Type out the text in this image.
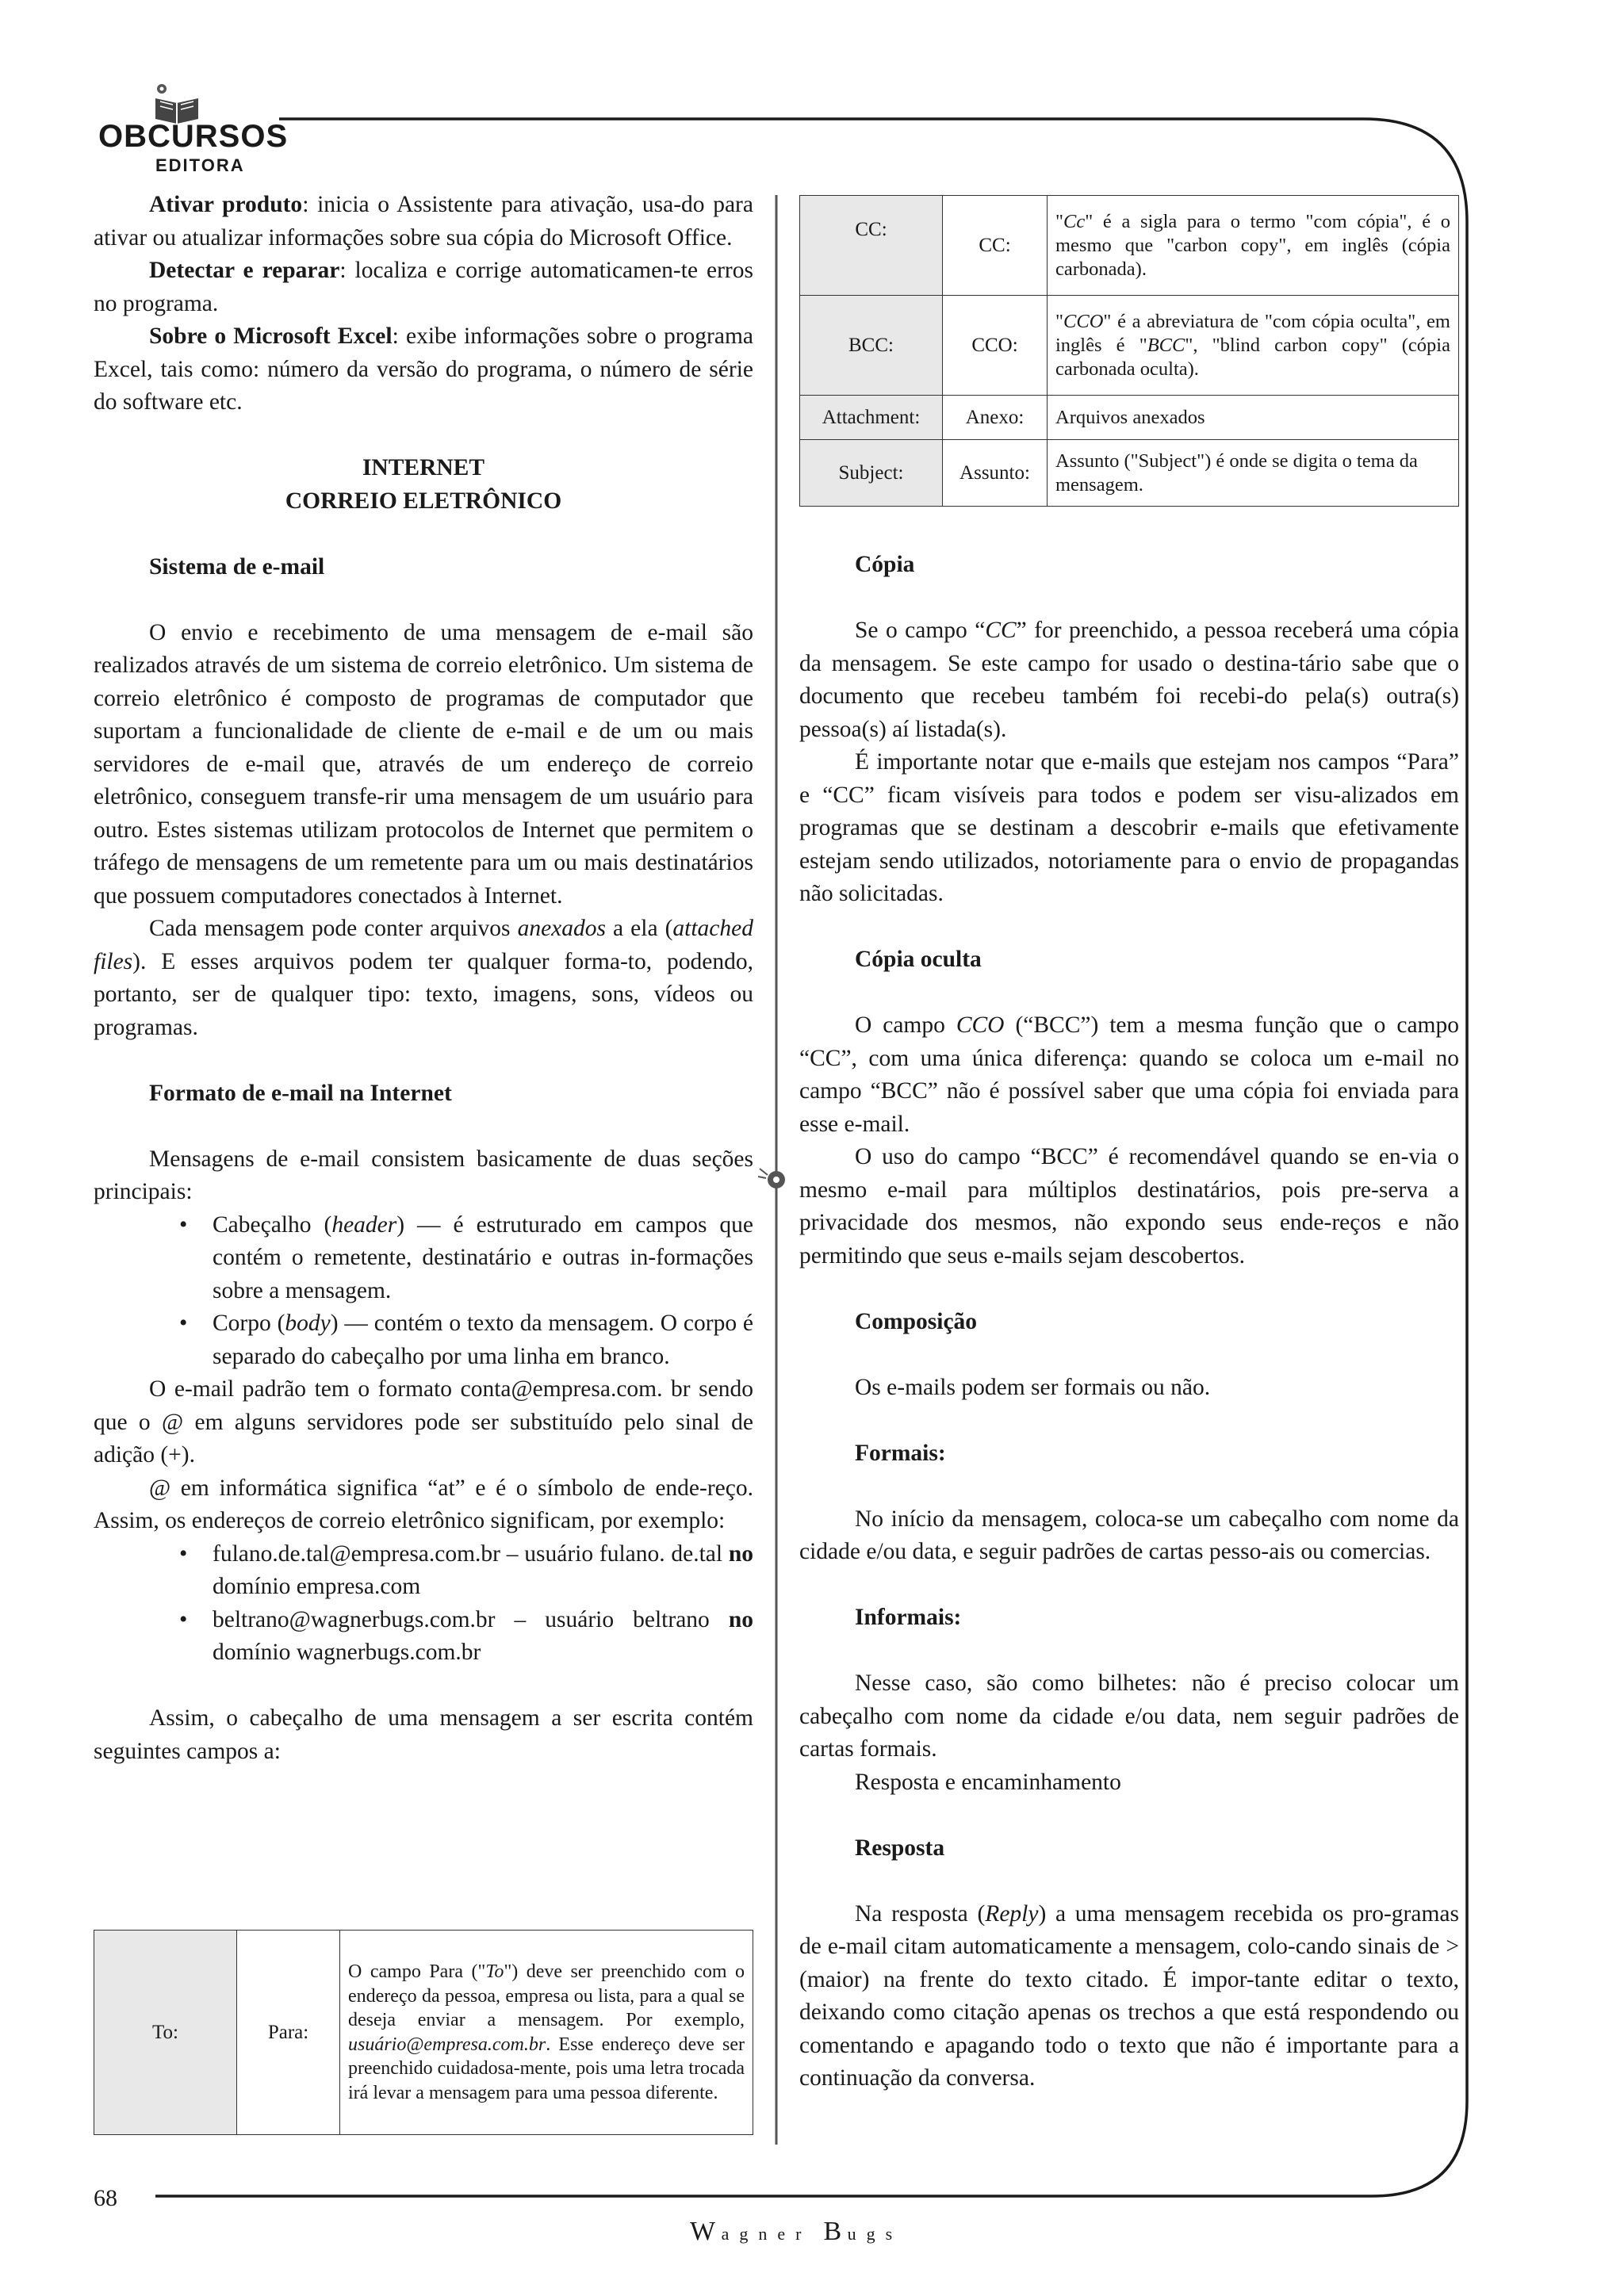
OBCURSOS
EDITORA

Ativar produto: inicia o Assistente para ativação, usa-do para ativar ou atualizar informações sobre sua cópia do Microsoft Office.

Detectar e reparar: localiza e corrige automaticamen-te erros no programa.

Sobre o Microsoft Excel: exibe informações sobre o programa Excel, tais como: número da versão do programa, o número de série do software etc.

INTERNET
CORREIO ELETRÔNICO
Sistema de e-mail

O envio e recebimento de uma mensagem de e-mail são realizados através de um sistema de correio eletrônico. Um sistema de correio eletrônico é composto de programas de computador que suportam a funcionalidade de cliente de e-mail e de um ou mais servidores de e-mail que, através de um endereço de correio eletrônico, conseguem transfe-rir uma mensagem de um usuário para outro. Estes sistemas utilizam protocolos de Internet que permitem o tráfego de mensagens de um remetente para um ou mais destinatários que possuem computadores conectados à Internet.

Cada mensagem pode conter arquivos anexados a ela (attached files). E esses arquivos podem ter qualquer forma-to, podendo, portanto, ser de qualquer tipo: texto, imagens, sons, vídeos ou programas.

Formato de e-mail na Internet

Mensagens de e-mail consistem basicamente de duas seções principais:

• Cabeçalho (header) — é estruturado em campos que contém o remetente, destinatário e outras in-formações sobre a mensagem.
• Corpo (body) — contém o texto da mensagem. O corpo é separado do cabeçalho por uma linha em branco.

O e-mail padrão tem o formato conta@empresa.com. br sendo que o @ em alguns servidores pode ser substituído pelo sinal de adição (+).

@ em informática significa “at” e é o símbolo de ende-reço. Assim, os endereços de correio eletrônico significam, por exemplo:

• fulano.de.tal@empresa.com.br – usuário fulano. de.tal no domínio empresa.com
• beltrano@wagnerbugs.com.br – usuário beltrano no domínio wagnerbugs.com.br

Assim, o cabeçalho de uma mensagem a ser escrita contém seguintes campos a:

To:	Para:	O campo Para ("To") deve ser preenchido com o endereço da pessoa, empresa ou lista, para a qual se deseja enviar a mensagem. Por exemplo, usuário@empresa.com.br. Esse endereço deve ser preenchido cuidadosa-mente, pois uma letra trocada irá levar a mensagem para uma pessoa diferente.
CC:	CC:	"Cc" é a sigla para o termo "com cópia", é o mesmo que "carbon copy", em inglês (cópia carbonada).
BCC:	CCO:	"CCO" é a abreviatura de "com cópia oculta", em inglês é "BCC", "blind carbon copy" (cópia carbonada oculta).
Attachment:	Anexo:	Arquivos anexados
Subject:	Assunto:	Assunto ("Subject") é onde se digita o tema da mensagem.
Cópia

Se o campo “CC” for preenchido, a pessoa receberá uma cópia da mensagem. Se este campo for usado o destina-tário sabe que o documento que recebeu também foi recebi-do pela(s) outra(s) pessoa(s) aí listada(s).

É importante notar que e-mails que estejam nos campos “Para” e “CC” ficam visíveis para todos e podem ser visu-alizados em programas que se destinam a descobrir e-mails que efetivamente estejam sendo utilizados, notoriamente para o envio de propagandas não solicitadas.

Cópia oculta

O campo CCO (“BCC”) tem a mesma função que o campo “CC”, com uma única diferença: quando se coloca um e-mail no campo “BCC” não é possível saber que uma cópia foi enviada para esse e-mail.

O uso do campo “BCC” é recomendável quando se en-via o mesmo e-mail para múltiplos destinatários, pois pre-serva a privacidade dos mesmos, não expondo seus ende-reços e não permitindo que seus e-mails sejam descobertos.

Composição

Os e-mails podem ser formais ou não.

Formais:

No início da mensagem, coloca-se um cabeçalho com nome da cidade e/ou data, e seguir padrões de cartas pesso-ais ou comercias.

Informais:

Nesse caso, são como bilhetes: não é preciso colocar um cabeçalho com nome da cidade e/ou data, nem seguir padrões de cartas formais.

Resposta e encaminhamento

Resposta

Na resposta (Reply) a uma mensagem recebida os pro-gramas de e-mail citam automaticamente a mensagem, colo-cando sinais de > (maior) na frente do texto citado. É impor-tante editar o texto, deixando como citação apenas os trechos a que está respondendo ou comentando e apagando todo o texto que não é importante para a continuação da conversa.

68
W agner B ugs
